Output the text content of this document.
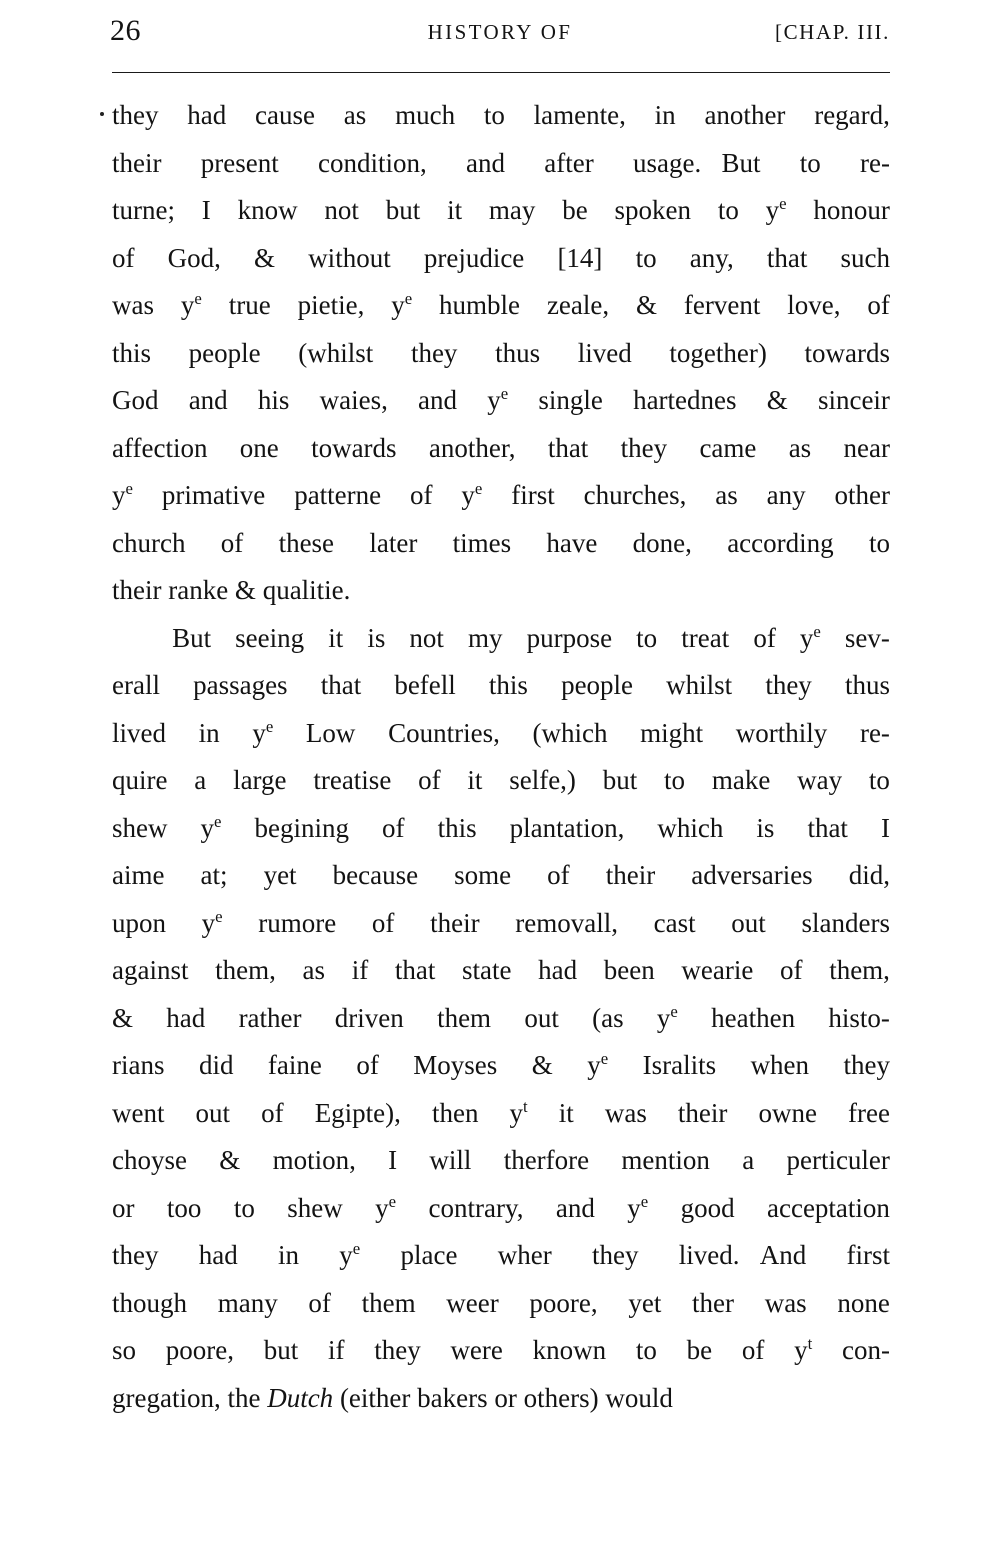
26	HISTORY OF	[CHAP. III.
they had cause as much to lamente, in another regard,
their present condition, and after usage.   But to re-
turne; I know not but it may be spoken to $y^e$ honour
of God, & without prejudice [14] to any, that such
was $y^e$ true pietie, $y^e$ humble zeale, & fervent love, of
this people (whilst they thus lived together) towards
God and his waies, and $y^e$ single hartednes & sinceir
affection one towards another, that they came as near
$y^e$ primative patterne of $y^e$ first churches, as any other
church of these later times have done, according to
their ranke & qualitie.
But seeing it is not my purpose to treat of $y^e$ sev-
erall passages that befell this people whilst they thus
lived in $y^e$ Low Countries, (which might worthily re-
quire a large treatise of it selfe,) but to make way to
shew $y^e$ begining of this plantation, which is that I
aime at; yet because some of their adversaries did,
upon $y^e$ rumore of their removall, cast out slanders
against them, as if that state had been wearie of them,
& had rather driven them out (as $y^e$ heathen histo-
rians did faine of Moyses & $y^e$ Isralits when they
went out of Egipte), then $y^t$ it was their owne free
choyse & motion, I will therfore mention a perticuler
or too to shew $y^e$ contrary, and $y^e$ good acceptation
they had in $y^e$ place wher they lived.   And first
though many of them weer poore, yet ther was none
so poore, but if they were known to be of $y^t$ con-
gregation, the Dutch (either bakers or others) would
